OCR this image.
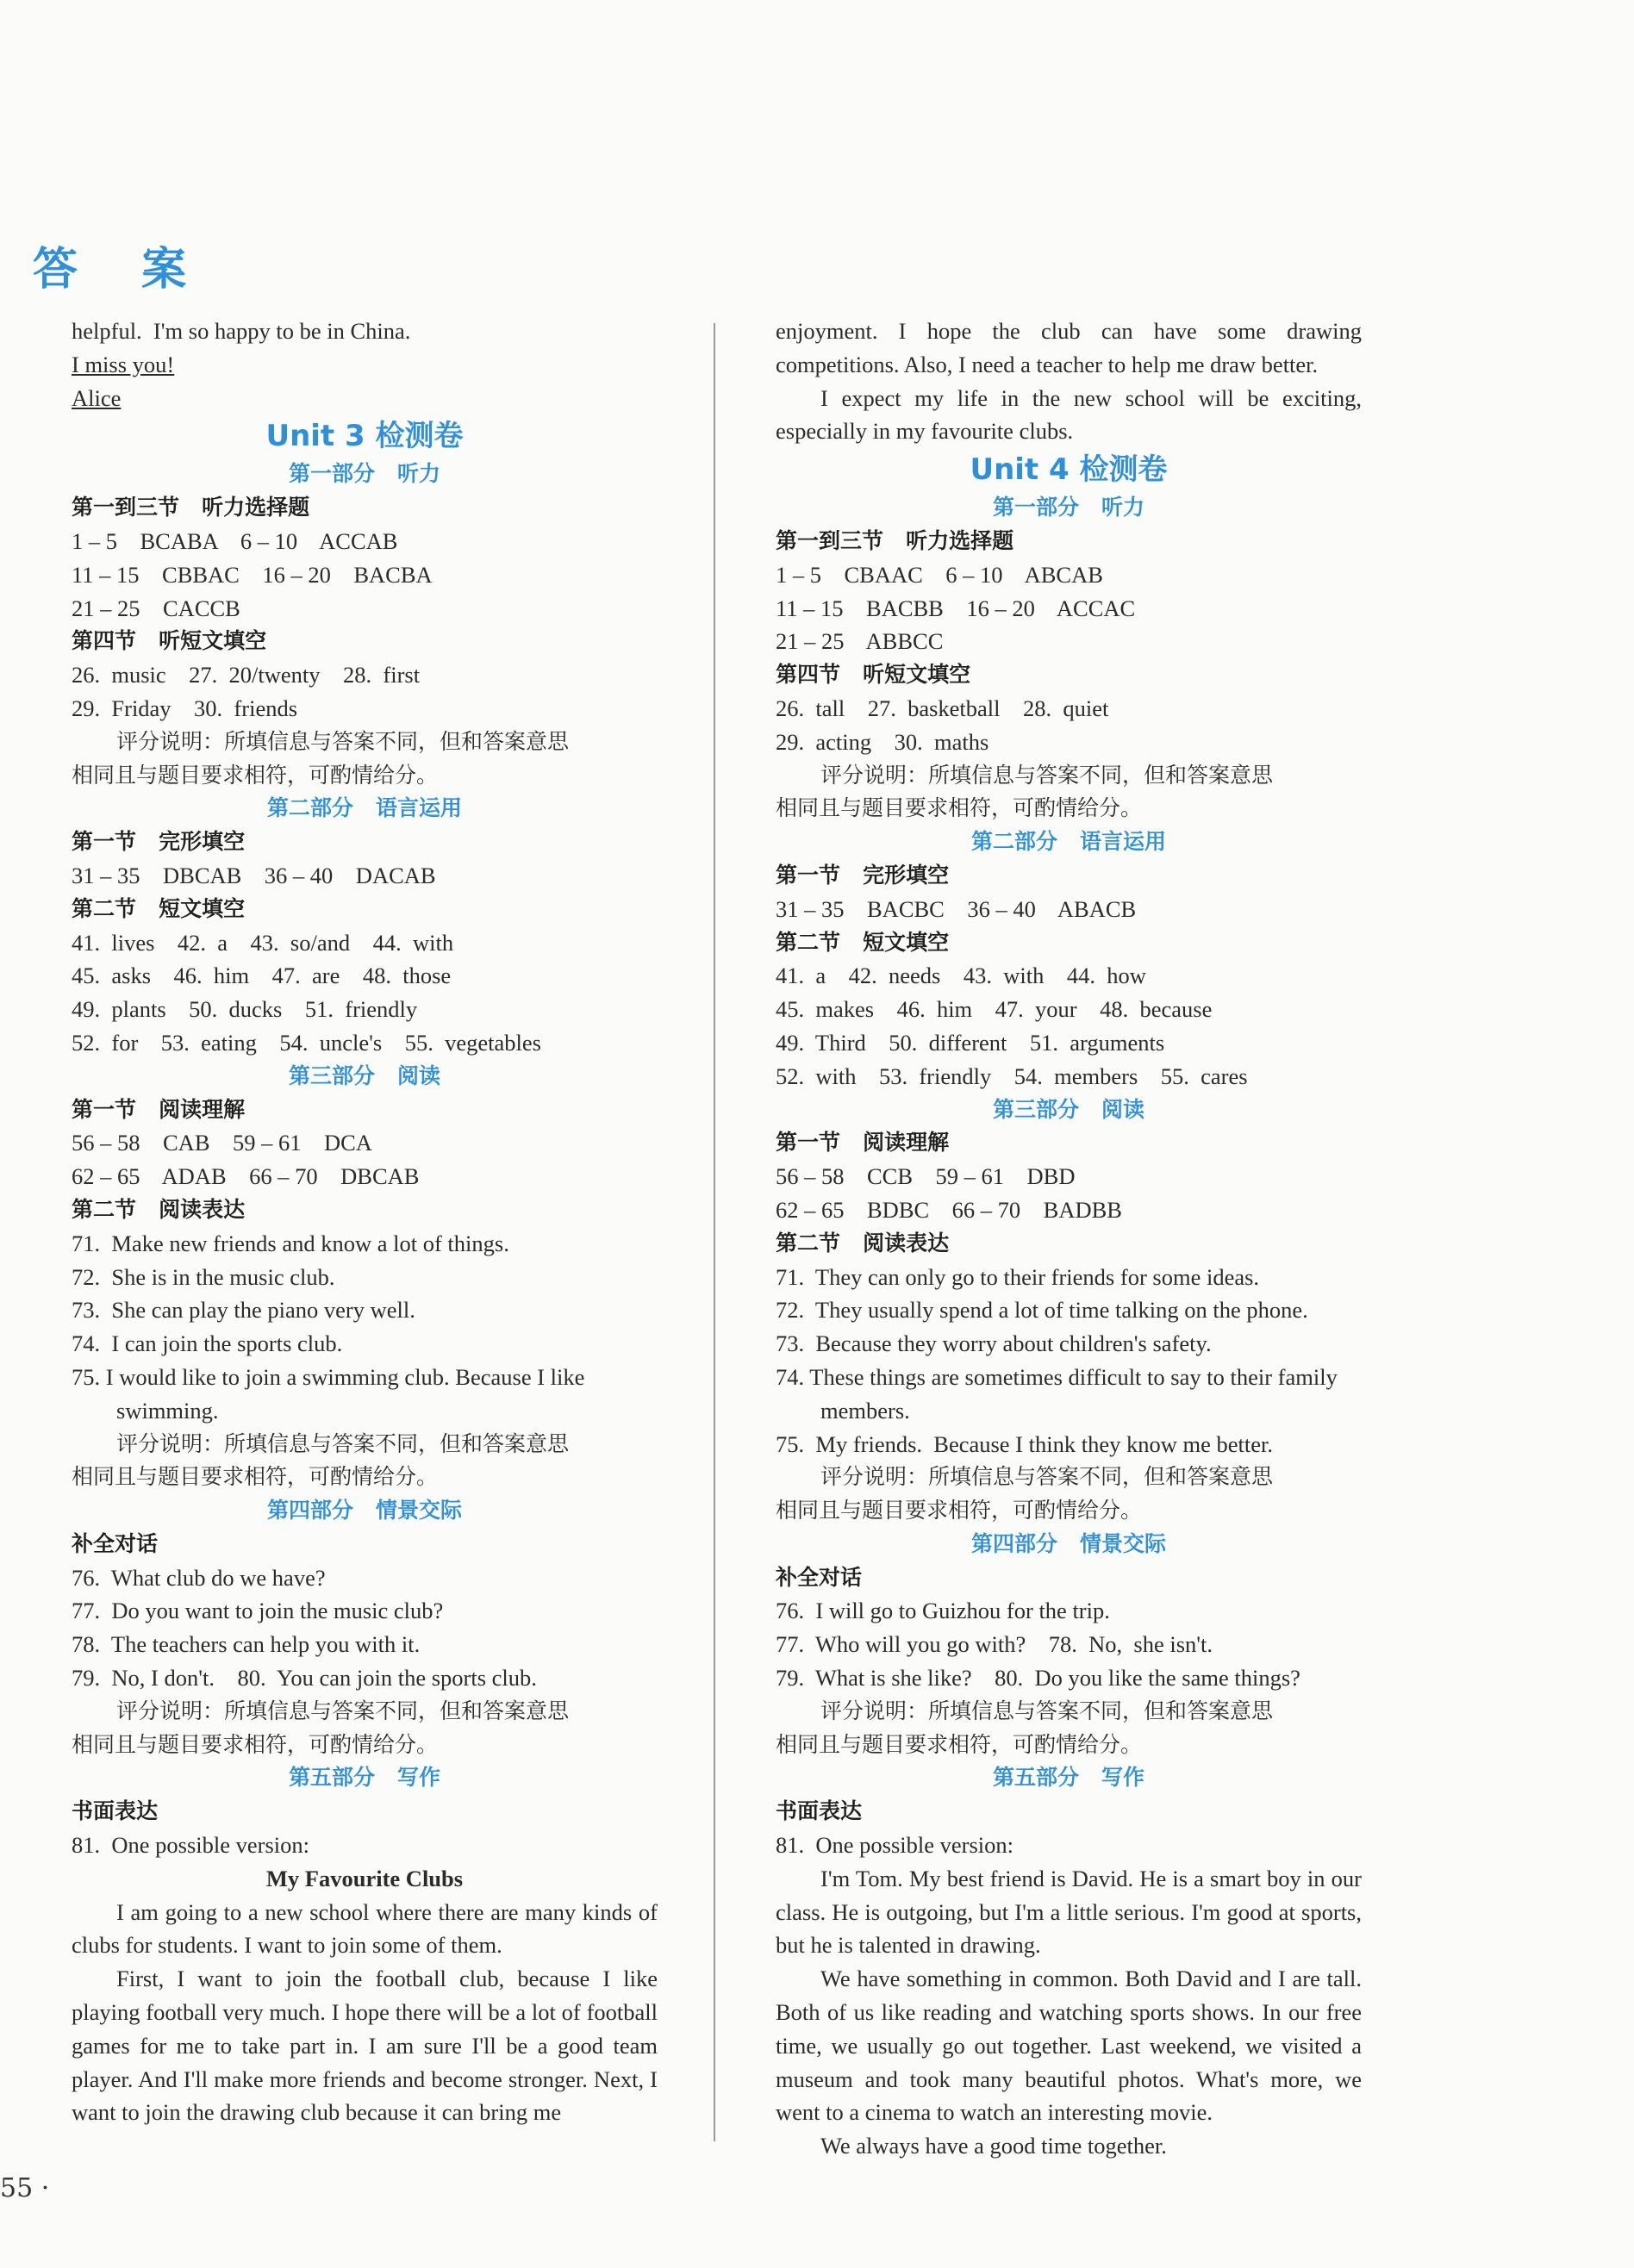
答 案
helpful.  I'm so happy to be in China.
I miss you!
Alice
Unit 3 检测卷
第一部分   听力
第一到三节   听力选择题
1 – 5    BCABA    6 – 10    ACCAB
11 – 15    CBBAC    16 – 20    BACBA
21 – 25    CACCB
第四节   听短文填空
26.  music    27.  20/twenty    28.  first
29.  Friday    30.  friends
评分说明：所填信息与答案不同，但和答案意思
相同且与题目要求相符，可酌情给分。
第二部分   语言运用
第一节   完形填空
31 – 35    DBCAB    36 – 40    DACAB
第二节   短文填空
41.  lives    42.  a    43.  so/and    44.  with
45.  asks    46.  him    47.  are    48.  those
49.  plants    50.  ducks    51.  friendly
52.  for    53.  eating    54.  uncle's    55.  vegetables
第三部分   阅读
第一节   阅读理解
56 – 58    CAB    59 – 61    DCA
62 – 65    ADAB    66 – 70    DBCAB
第二节   阅读表达
71.  Make new friends and know a lot of things.
72.  She is in the music club.
73.  She can play the piano very well.
74.  I can join the sports club.
75. I would like to join a swimming club. Because I like swimming.
评分说明：所填信息与答案不同，但和答案意思
相同且与题目要求相符，可酌情给分。
第四部分   情景交际
补全对话
76.  What club do we have?
77.  Do you want to join the music club?
78.  The teachers can help you with it.
79.  No, I don't.    80.  You can join the sports club.
评分说明：所填信息与答案不同，但和答案意思
相同且与题目要求相符，可酌情给分。
第五部分   写作
书面表达
81.  One possible version:
My Favourite Clubs
I am going to a new school where there are many kinds of clubs for students. I want to join some of them.
First, I want to join the football club, because I like playing football very much. I hope there will be a lot of football games for me to take part in. I am sure I'll be a good team player. And I'll make more friends and become stronger. Next, I want to join the drawing club because it can bring me
enjoyment. I hope the club can have some drawing competitions. Also, I need a teacher to help me draw better.
I expect my life in the new school will be exciting, especially in my favourite clubs.
Unit 4 检测卷
第一部分   听力
第一到三节   听力选择题
1 – 5    CBAAC    6 – 10    ABCAB
11 – 15    BACBB    16 – 20    ACCAC
21 – 25    ABBCC
第四节   听短文填空
26.  tall    27.  basketball    28.  quiet
29.  acting    30.  maths
评分说明：所填信息与答案不同，但和答案意思
相同且与题目要求相符，可酌情给分。
第二部分   语言运用
第一节   完形填空
31 – 35    BACBC    36 – 40    ABACB
第二节   短文填空
41.  a    42.  needs    43.  with    44.  how
45.  makes    46.  him    47.  your    48.  because
49.  Third    50.  different    51.  arguments
52.  with    53.  friendly    54.  members    55.  cares
第三部分   阅读
第一节   阅读理解
56 – 58    CCB    59 – 61    DBD
62 – 65    BDBC    66 – 70    BADBB
第二节   阅读表达
71.  They can only go to their friends for some ideas.
72.  They usually spend a lot of time talking on the phone.
73.  Because they worry about children's safety.
74. These things are sometimes difficult to say to their family members.
75.  My friends.  Because I think they know me better.
评分说明：所填信息与答案不同，但和答案意思
相同且与题目要求相符，可酌情给分。
第四部分   情景交际
补全对话
76.  I will go to Guizhou for the trip.
77.  Who will you go with?    78.  No,  she isn't.
79.  What is she like?    80.  Do you like the same things?
评分说明：所填信息与答案不同，但和答案意思
相同且与题目要求相符，可酌情给分。
第五部分   写作
书面表达
81.  One possible version:
I'm Tom. My best friend is David. He is a smart boy in our class. He is outgoing, but I'm a little serious. I'm good at sports, but he is talented in drawing.
We have something in common. Both David and I are tall. Both of us like reading and watching sports shows. In our free time, we usually go out together. Last weekend, we visited a museum and took many beautiful photos. What's more, we went to a cinema to watch an interesting movie.
We always have a good time together.
55 ·
